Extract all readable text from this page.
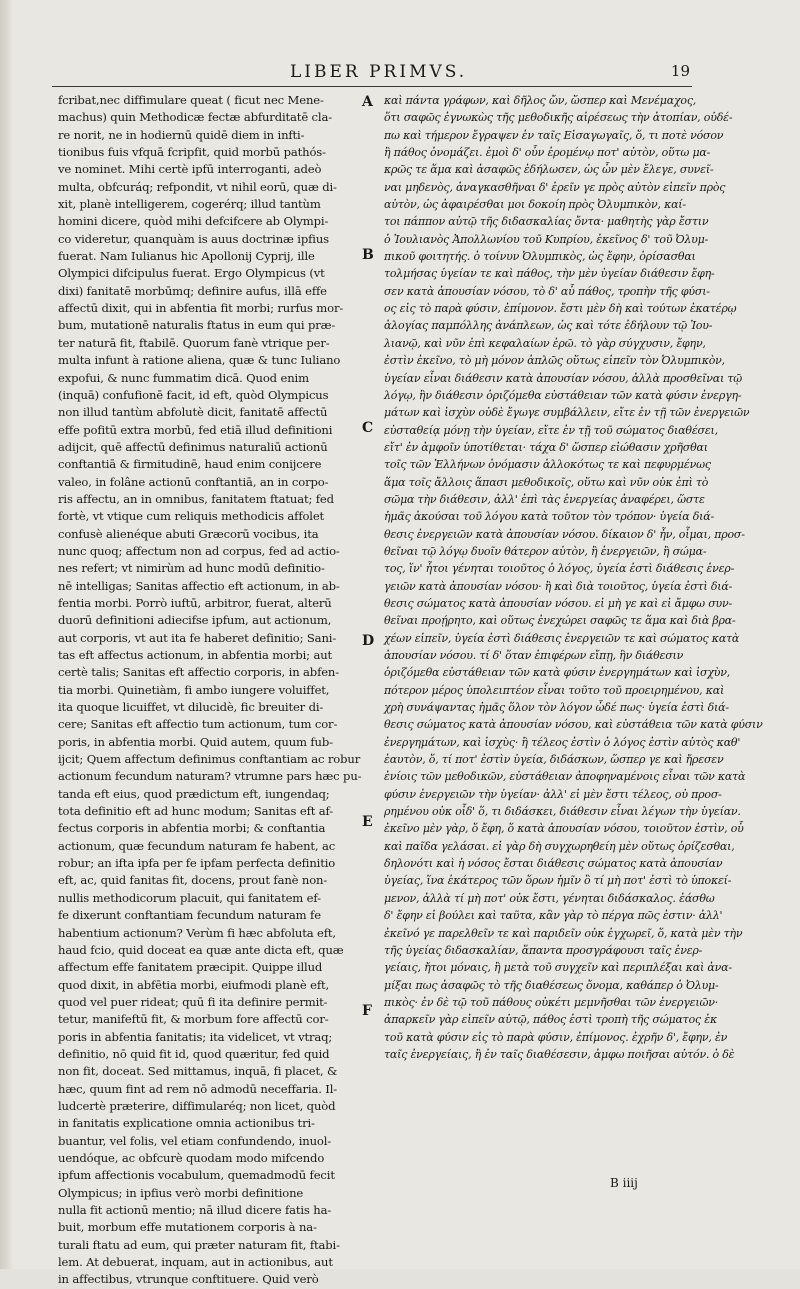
LIBER PRIMVS.	19
fcribat,nec diffimulare queat ( ficut nec Mene-
machus) quin Methodicæ fectæ abfurditatē cla-
re norit, ne in hodiernū quidē diem in infti-
tionibus fuis vfquā fcripfit, quid morbū pathós-
ve nominet. Mihi certè ipfū interroganti, adeò
multa, obfcuráq; refpondit, vt nihil eorū, quæ di-
xit, planè intelligerem, cogerérq; illud tantùm
homini dicere, quòd mihi defcifcere ab Olympi-
co videretur, quanquàm is auus doctrinæ ipfius
fuerat. Nam Iulianus hic Apollonij Cyprij, ille
Olympici difcipulus fuerat. Ergo Olympicus (vt
dixi) fanitatē morbūmq; definire aufus, illā effe
affectū dixit, qui in abfentia fit morbi; rurfus mor-
bum, mutationē naturalis ftatus in eum qui præ-
ter naturā fit, ftabilē. Quorum fanè vtrique per-
multa infunt à ratione aliena, quæ & tunc Iuliano
expofui, & nunc fummatim dicā. Quod enim
(inquā) confufionē facit, id eft, quòd Olympicus
non illud tantùm abfolutè dicit, fanitatē affectū
effe pofitū extra morbū, fed etiā illud definitioni
adijcit, quē affectū definimus naturaliū actionū
conftantiā & firmitudinē, haud enim conijcere
valeo, in folâne actionū conftantiā, an in corpo-
ris affectu, an in omnibus, fanitatem ftatuat; fed
fortè, vt vtique cum reliquis methodicis affolet
confusè alienéque abuti Græcorū vocibus, ita
nunc quoq; affectum non ad corpus, fed ad actio-
nes refert; vt nimirùm ad hunc modū definitio-
nē intelligas; Sanitas affectio eft actionum, in ab-
fentia morbi. Porrò iuftū, arbitror, fuerat, alterū
duorū definitioni adiecifse ipfum, aut actionum,
aut corporis, vt aut ita fe haberet definitio; Sani-
tas eft affectus actionum, in abfentia morbi; aut
certè talis; Sanitas eft affectio corporis, in abfen-
tia morbi. Quinetiàm, fi ambo iungere voluiffet,
ita quoque licuiffet, vt dilucidè, fic breuiter di-
cere; Sanitas eft affectio tum actionum, tum cor-
poris, in abfentia morbi. Quid autem, quum fub-
ijcit; Quem affectum definimus conftantiam ac robur
actionum fecundum naturam? vtrumne pars hæc pu-
tanda eft eius, quod prædictum eft, iungendaq;
tota definitio eft ad hunc modum; Sanitas eft af-
fectus corporis in abfentia morbi; & conftantia
actionum, quæ fecundum naturam fe habent, ac
robur; an ifta ipfa per fe ipfam perfecta definitio
eft, ac, quid fanitas fit, docens, prout fanè non-
nullis methodicorum placuit, qui fanitatem ef-
fe dixerunt conftantiam fecundum naturam fe
habentium actionum? Verùm fi hæc abfoluta eft,
haud fcio, quid doceat ea quæ ante dicta eft, quæ
affectum effe fanitatem præcipit. Quippe illud
quod dixit, in abfētia morbi, eiufmodi planè eft,
quod vel puer rideat; quū fi ita definire permit-
tetur, manifeftū fit, & morbum fore affectū cor-
poris in abfentia fanitatis; ita videlicet, vt vtraq;
definitio, nō quid fit id, quod quæritur, fed quid
non fit, doceat. Sed mittamus, inquā, fi placet, &
hæc, quum fint ad rem nō admodū neceffaria. Il-
ludcertè præterire, diffimularéq; non licet, quòd
in fanitatis explicatione omnia actionibus tri-
buantur, vel folis, vel etiam confundendo, inuol-
uendóque, ac obfcurè quodam modo mifcendo
ipfum affectionis vocabulum, quemadmodū fecit
Olympicus; in ipfius verò morbi definitione
nulla fit actionū mentio; nā illud dicere fatis ha-
buit, morbum effe mutationem corporis à na-
turali ftatu ad eum, qui præter naturam fit, ftabi-
lem. At debuerat, inquam, aut in actionibus, aut
in affectibus, vtrunque conftituere. Quid verò
A
B
C
D
E
F
καὶ πάντα γράφων, καὶ δῆλος ὤν, ὥσπερ καὶ Μενέμαχος,
ὅτι σαφῶς ἐγνωκὼς τῆς μεθοδικῆς αἱρέσεως τὴν ἀτοπίαν, οὐδέ-
πω καὶ τήμερον ἔγραψεν ἐν ταῖς Εἰσαγωγαῖς, ὅ, τι ποτὲ νόσον
ἢ πάθος ὀνομάζει. ἐμοὶ δ' οὖν ἐρομένῳ ποτ' αὐτὸν, οὕτω μα-
κρῶς τε ἅμα καὶ ἀσαφῶς ἐδήλωσεν, ὡς ὧν μὲν ἔλεγε, συνεῖ-
ναι μηδενὸς, ἀναγκασθῆναι δ' ἐρεῖν γε πρὸς αὐτὸν εἰπεῖν πρὸς
αὐτὸν, ὡς ἀφαιρέσθαι μοι δοκοίη πρὸς Ὀλυμπικὸν, καί-
τοι πάππον αὐτῷ τῆς διδασκαλίας ὄντα· μαθητὴς γὰρ ἔστιν
ὁ Ἰουλιανὸς Ἀπολλωνίου τοῦ Κυπρίου, ἐκεῖνος δ' τοῦ Ὀλυμ-
πικοῦ φοιτητής. ὁ τοίνυν Ὀλυμπικὸς, ὡς ἔφην, ὁρίσασθαι
τολμήσας ὑγείαν τε καὶ πάθος, τὴν μὲν ὑγείαν διάθεσιν ἔφη-
σεν κατὰ ἀπουσίαν νόσου, τὸ δ' αὖ πάθος, τροπὴν τῆς φύσι-
ος εἰς τὸ παρὰ φύσιν, ἐπίμονον. ἔστι μὲν δὴ καὶ τούτων ἑκατέρῳ
ἀλογίας παμπόλλης ἀνάπλεων, ὡς καὶ τότε ἐδήλουν τῷ Ἰου-
λιανῷ, καὶ νῦν ἐπὶ κεφαλαίων ἐρῶ. τὸ γὰρ σύγχυσιν, ἔφην,
ἐστὶν ἐκεῖνο, τὸ μὴ μόνον ἁπλῶς οὕτως εἰπεῖν τὸν Ὀλυμπικὸν,
ὑγείαν εἶναι διάθεσιν κατὰ ἀπουσίαν νόσου, ἀλλὰ προσθεῖναι τῷ
λόγῳ, ἣν διάθεσιν ὁριζόμεθα εὐστάθειαν τῶν κατὰ φύσιν ἐνεργη-
μάτων καὶ ἰσχὺν οὐδὲ ἔγωγε συμβάλλειν, εἴτε ἐν τῇ τῶν ἐνεργειῶν
εὐσταθείᾳ μόνῃ τὴν ὑγείαν, εἴτε ἐν τῇ τοῦ σώματος διαθέσει,
εἴτ' ἐν ἀμφοῖν ὑποτίθεται· τάχα δ' ὥσπερ εἰώθασιν χρῆσθαι
τοῖς τῶν Ἑλλήνων ὀνόμασιν ἀλλοκότως τε καὶ πεφυρμένως
ἅμα τοῖς ἄλλοις ἅπασι μεθοδικοῖς, οὕτω καὶ νῦν οὐκ ἐπὶ τὸ
σῶμα τὴν διάθεσιν, ἀλλ' ἐπὶ τὰς ἐνεργείας ἀναφέρει, ὥστε
ἡμᾶς ἀκούσαι τοῦ λόγου κατὰ τοῦτον τὸν τρόπον· ὑγεία διά-
θεσις ἐνεργειῶν κατὰ ἀπουσίαν νόσου. δίκαιον δ' ἦν, οἶμαι, προσ-
θεῖναι τῷ λόγῳ δυοῖν θάτερον αὐτὸν, ἢ ἐνεργειῶν, ἢ σώμα-
τος, ἵν' ἦτοι γένηται τοιοῦτος ὁ λόγος, ὑγεία ἐστὶ διάθεσις ἐνερ-
γειῶν κατὰ ἀπουσίαν νόσου· ἢ καὶ διὰ τοιοῦτος, ὑγεία ἐστὶ διά-
θεσις σώματος κατὰ ἀπουσίαν νόσου. εἰ μὴ γε καὶ εἰ ἄμφω συν-
θεῖναι προῄρητο, καὶ οὕτως ἐνεχώρει σαφῶς τε ἅμα καὶ διὰ βρα-
χέων εἰπεῖν, ὑγεία ἐστὶ διάθεσις ἐνεργειῶν τε καὶ σώματος κατὰ
ἀπουσίαν νόσου. τί δ' ὅταν ἐπιφέρων εἴπῃ, ἣν διάθεσιν
ὁριζόμεθα εὐστάθειαν τῶν κατὰ φύσιν ἐνεργημάτων καὶ ἰσχὺν,
πότερον μέρος ὑπολειπτέον εἶναι τοῦτο τοῦ προειρημένου, καὶ
χρὴ συνάψαντας ἡμᾶς ὅλον τὸν λόγον ὧδέ πως· ὑγεία ἐστὶ διά-
θεσις σώματος κατὰ ἀπουσίαν νόσου, καὶ εὐστάθεια τῶν κατὰ φύσιν
ἐνεργημάτων, καὶ ἰσχὺς· ἢ τέλεος ἐστὶν ὁ λόγος ἐστὶν αὐτὸς καθ'
ἑαυτὸν, ὅ, τί ποτ' ἐστὶν ὑγεία, διδάσκων, ὥσπερ γε καὶ ἤρεσεν
ἐνίοις τῶν μεθοδικῶν, εὐστάθειαν ἀποφηναμένοις εἶναι τῶν κατὰ
φύσιν ἐνεργειῶν τὴν ὑγείαν· ἀλλ' εἰ μὲν ἔστι τέλεος, οὐ προσ-
ρημένου οὐκ οἶδ' ὅ, τι διδάσκει, διάθεσιν εἶναι λέγων τὴν ὑγείαν.
ἐκεῖνο μὲν γὰρ, ὅ ἔφη, ὅ κατὰ ἀπουσίαν νόσου, τοιοῦτον ἐστὶν, οὗ
καὶ παῖδα γελάσαι. εἰ γὰρ δὴ συγχωρηθείη μὲν οὕτως ὁρίζεσθαι,
δηλονότι καὶ ἡ νόσος ἔσται διάθεσις σώματος κατὰ ἀπουσίαν
ὑγείας, ἵνα ἑκάτερος τῶν ὅρων ἡμῖν ὃ τί μὴ ποτ' ἐστὶ τὸ ὑποκεί-
μενον, ἀλλὰ τί μὴ ποτ' οὐκ ἔστι, γένηται διδάσκαλος. ἐάσθω
δ' ἔφην εἰ βούλει καὶ ταῦτα, κἂν γὰρ τὸ πέργα πῶς ἐστιν· ἀλλ'
ἐκεῖνό γε παρελθεῖν τε καὶ παριδεῖν οὐκ ἐγχωρεῖ, ὅ, κατὰ μὲν τὴν
τῆς ὑγείας διδασκαλίαν, ἅπαντα προσγράφουσι ταῖς ἐνερ-
γείαις, ἤτοι μόναις, ἢ μετὰ τοῦ συγχεῖν καὶ περιπλέξαι καὶ ἀνα-
μίξαι πως ἀσαφῶς τὸ τῆς διαθέσεως ὄνομα, καθάπερ ὁ Ὀλυμ-
πικὸς· ἐν δὲ τῷ τοῦ πάθους οὐκέτι μεμνῆσθαι τῶν ἐνεργειῶν·
ἀπαρκεῖν γὰρ εἰπεῖν αὐτῷ, πάθος ἐστὶ τροπὴ τῆς σώματος ἐκ
τοῦ κατὰ φύσιν εἰς τὸ παρὰ φύσιν, ἐπίμονος. ἐχρῆν δ', ἔφην, ἐν
ταῖς ἐνεργείαις, ἢ ἐν ταῖς διαθέσεσιν, ἀμφω ποιῆσαι αὐτόν. ὁ δὲ
B iiij
